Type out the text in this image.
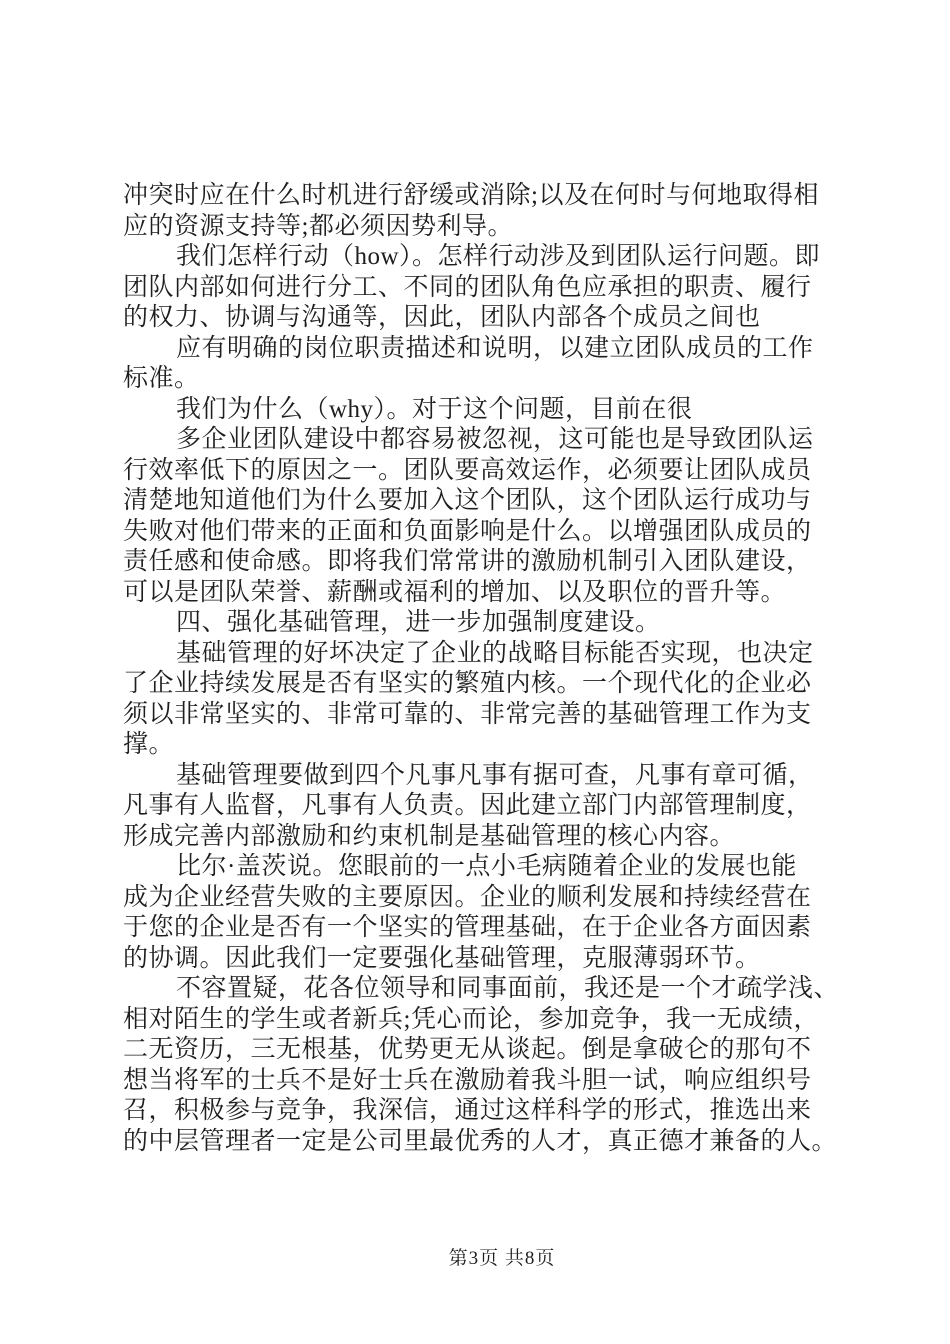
冲突时应在什么时机进行舒缓或消除;以及在何时与何地取得相
应的资源支持等;都必须因势利导。
我们怎样行动（how）。怎样行动涉及到团队运行问题。即
团队内部如何进行分工、不同的团队角色应承担的职责、履行
的权力、协调与沟通等，因此，团队内部各个成员之间也
应有明确的岗位职责描述和说明，以建立团队成员的工作
标准。
我们为什么（why）。对于这个问题，目前在很
多企业团队建设中都容易被忽视，这可能也是导致团队运
行效率低下的原因之一。团队要高效运作，必须要让团队成员
清楚地知道他们为什么要加入这个团队，这个团队运行成功与
失败对他们带来的正面和负面影响是什么。以增强团队成员的
责任感和使命感。即将我们常常讲的激励机制引入团队建设，
可以是团队荣誉、薪酬或福利的增加、以及职位的晋升等。
四、强化基础管理，进一步加强制度建设。
基础管理的好坏决定了企业的战略目标能否实现，也决定
了企业持续发展是否有坚实的繁殖内核。一个现代化的企业必
须以非常坚实的、非常可靠的、非常完善的基础管理工作为支
撑。
基础管理要做到四个凡事凡事有据可查，凡事有章可循，
凡事有人监督，凡事有人负责。因此建立部门内部管理制度，
形成完善内部激励和约束机制是基础管理的核心内容。
比尔·盖茨说。您眼前的一点小毛病随着企业的发展也能
成为企业经营失败的主要原因。企业的顺利发展和持续经营在
于您的企业是否有一个坚实的管理基础，在于企业各方面因素
的协调。因此我们一定要强化基础管理，克服薄弱环节。
不容置疑，花各位领导和同事面前，我还是一个才疏学浅、
相对陌生的学生或者新兵;凭心而论，参加竞争，我一无成绩，
二无资历，三无根基，优势更无从谈起。倒是拿破仑的那句不
想当将军的士兵不是好士兵在激励着我斗胆一试，响应组织号
召，积极参与竞争，我深信，通过这样科学的形式，推选出来
的中层管理者一定是公司里最优秀的人才，真正德才兼备的人。
第3页 共8页
